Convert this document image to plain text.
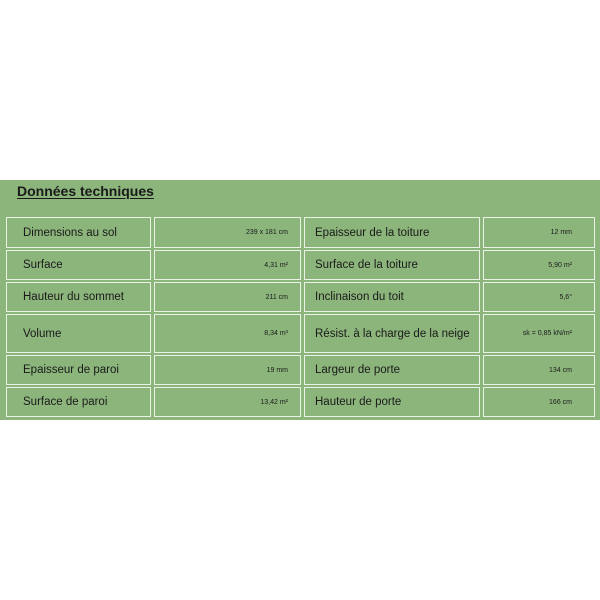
Données techniques
Dimensions au sol	239 x 181 cm	Epaisseur de la toiture	12 mm
Surface	4,31 m²	Surface de la toiture	5,90 m²
Hauteur du sommet	211 cm	Inclinaison du toit	5,6°
Volume	8,34 m³	Résist. à la charge de la neige	sk = 0,85 kN/m²
Epaisseur de paroi	19 mm	Largeur de porte	134 cm
Surface de paroi	13,42 m²	Hauteur de porte	166 cm
